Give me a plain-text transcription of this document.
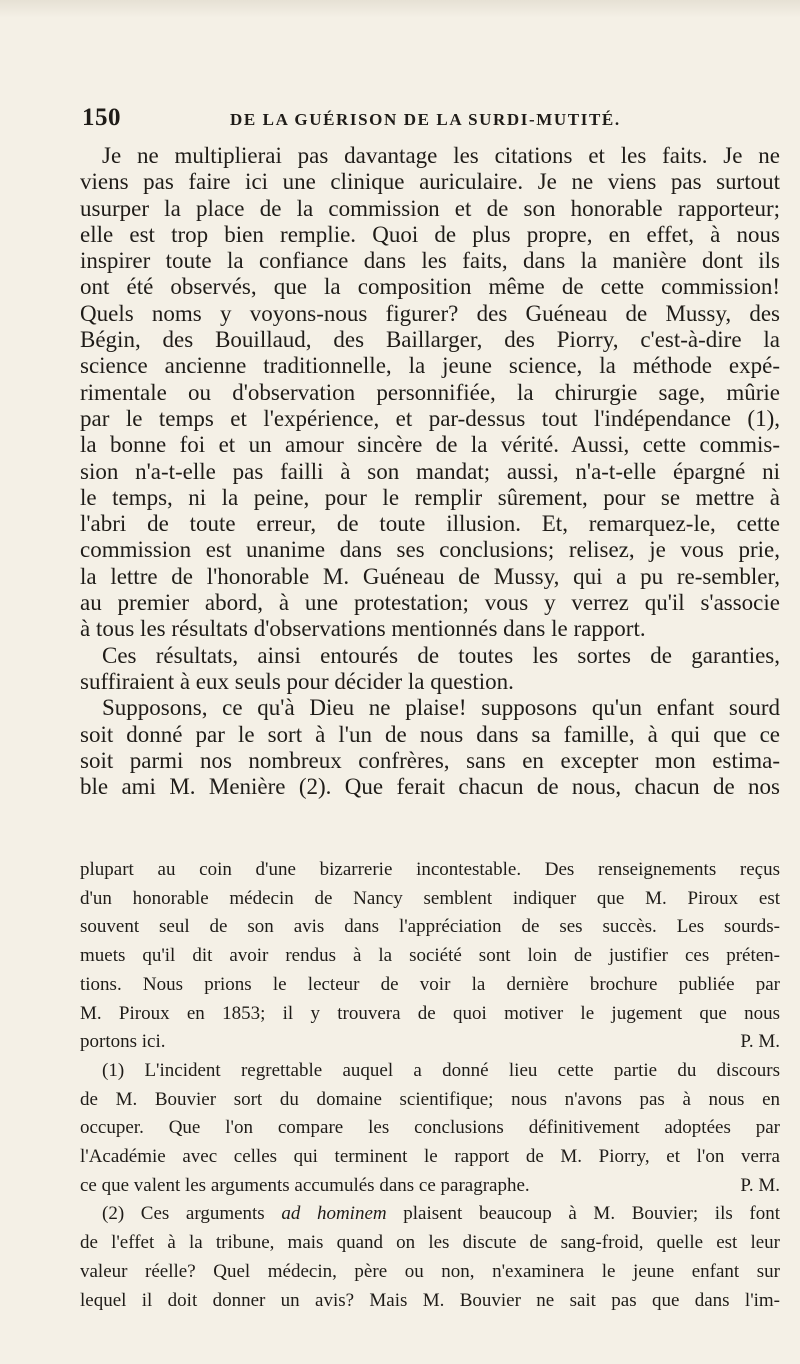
150	DE LA GUÉRISON DE LA SURDI-MUTITÉ.
Je ne multiplierai pas davantage les citations et les faits. Je ne
viens pas faire ici une clinique auriculaire. Je ne viens pas surtout
usurper la place de la commission et de son honorable rapporteur;
elle est trop bien remplie. Quoi de plus propre, en effet, à nous
inspirer toute la confiance dans les faits, dans la manière dont ils
ont été observés, que la composition même de cette commission!
Quels noms y voyons-nous figurer? des Guéneau de Mussy, des
Bégin, des Bouillaud, des Baillarger, des Piorry, c'est-à-dire la
science ancienne traditionnelle, la jeune science, la méthode expé-
rimentale ou d'observation personnifiée, la chirurgie sage, mûrie
par le temps et l'expérience, et par-dessus tout l'indépendance (1),
la bonne foi et un amour sincère de la vérité. Aussi, cette commis-
sion n'a-t-elle pas failli à son mandat; aussi, n'a-t-elle épargné ni
le temps, ni la peine, pour le remplir sûrement, pour se mettre à
l'abri de toute erreur, de toute illusion. Et, remarquez-le, cette
commission est unanime dans ses conclusions; relisez, je vous prie,
la lettre de l'honorable M. Guéneau de Mussy, qui a pu re-sembler,
au premier abord, à une protestation; vous y verrez qu'il s'associe
à tous les résultats d'observations mentionnés dans le rapport.
Ces résultats, ainsi entourés de toutes les sortes de garanties,
suffiraient à eux seuls pour décider la question.
Supposons, ce qu'à Dieu ne plaise! supposons qu'un enfant sourd
soit donné par le sort à l'un de nous dans sa famille, à qui que ce
soit parmi nos nombreux confrères, sans en excepter mon estima-
ble ami M. Menière (2). Que ferait chacun de nous, chacun de nos
plupart au coin d'une bizarrerie incontestable. Des renseignements reçus
d'un honorable médecin de Nancy semblent indiquer que M. Piroux est
souvent seul de son avis dans l'appréciation de ses succès. Les sourds-
muets qu'il dit avoir rendus à la société sont loin de justifier ces préten-
tions. Nous prions le lecteur de voir la dernière brochure publiée par
M. Piroux en 1853; il y trouvera de quoi motiver le jugement que nous
portons ici.	P. M.
(1) L'incident regrettable auquel a donné lieu cette partie du discours
de M. Bouvier sort du domaine scientifique; nous n'avons pas à nous en
occuper. Que l'on compare les conclusions définitivement adoptées par
l'Académie avec celles qui terminent le rapport de M. Piorry, et l'on verra
ce que valent les arguments accumulés dans ce paragraphe.	P. M.
(2) Ces arguments ad hominem plaisent beaucoup à M. Bouvier; ils font
de l'effet à la tribune, mais quand on les discute de sang-froid, quelle est leur
valeur réelle? Quel médecin, père ou non, n'examinera le jeune enfant sur
lequel il doit donner un avis? Mais M. Bouvier ne sait pas que dans l'im-
